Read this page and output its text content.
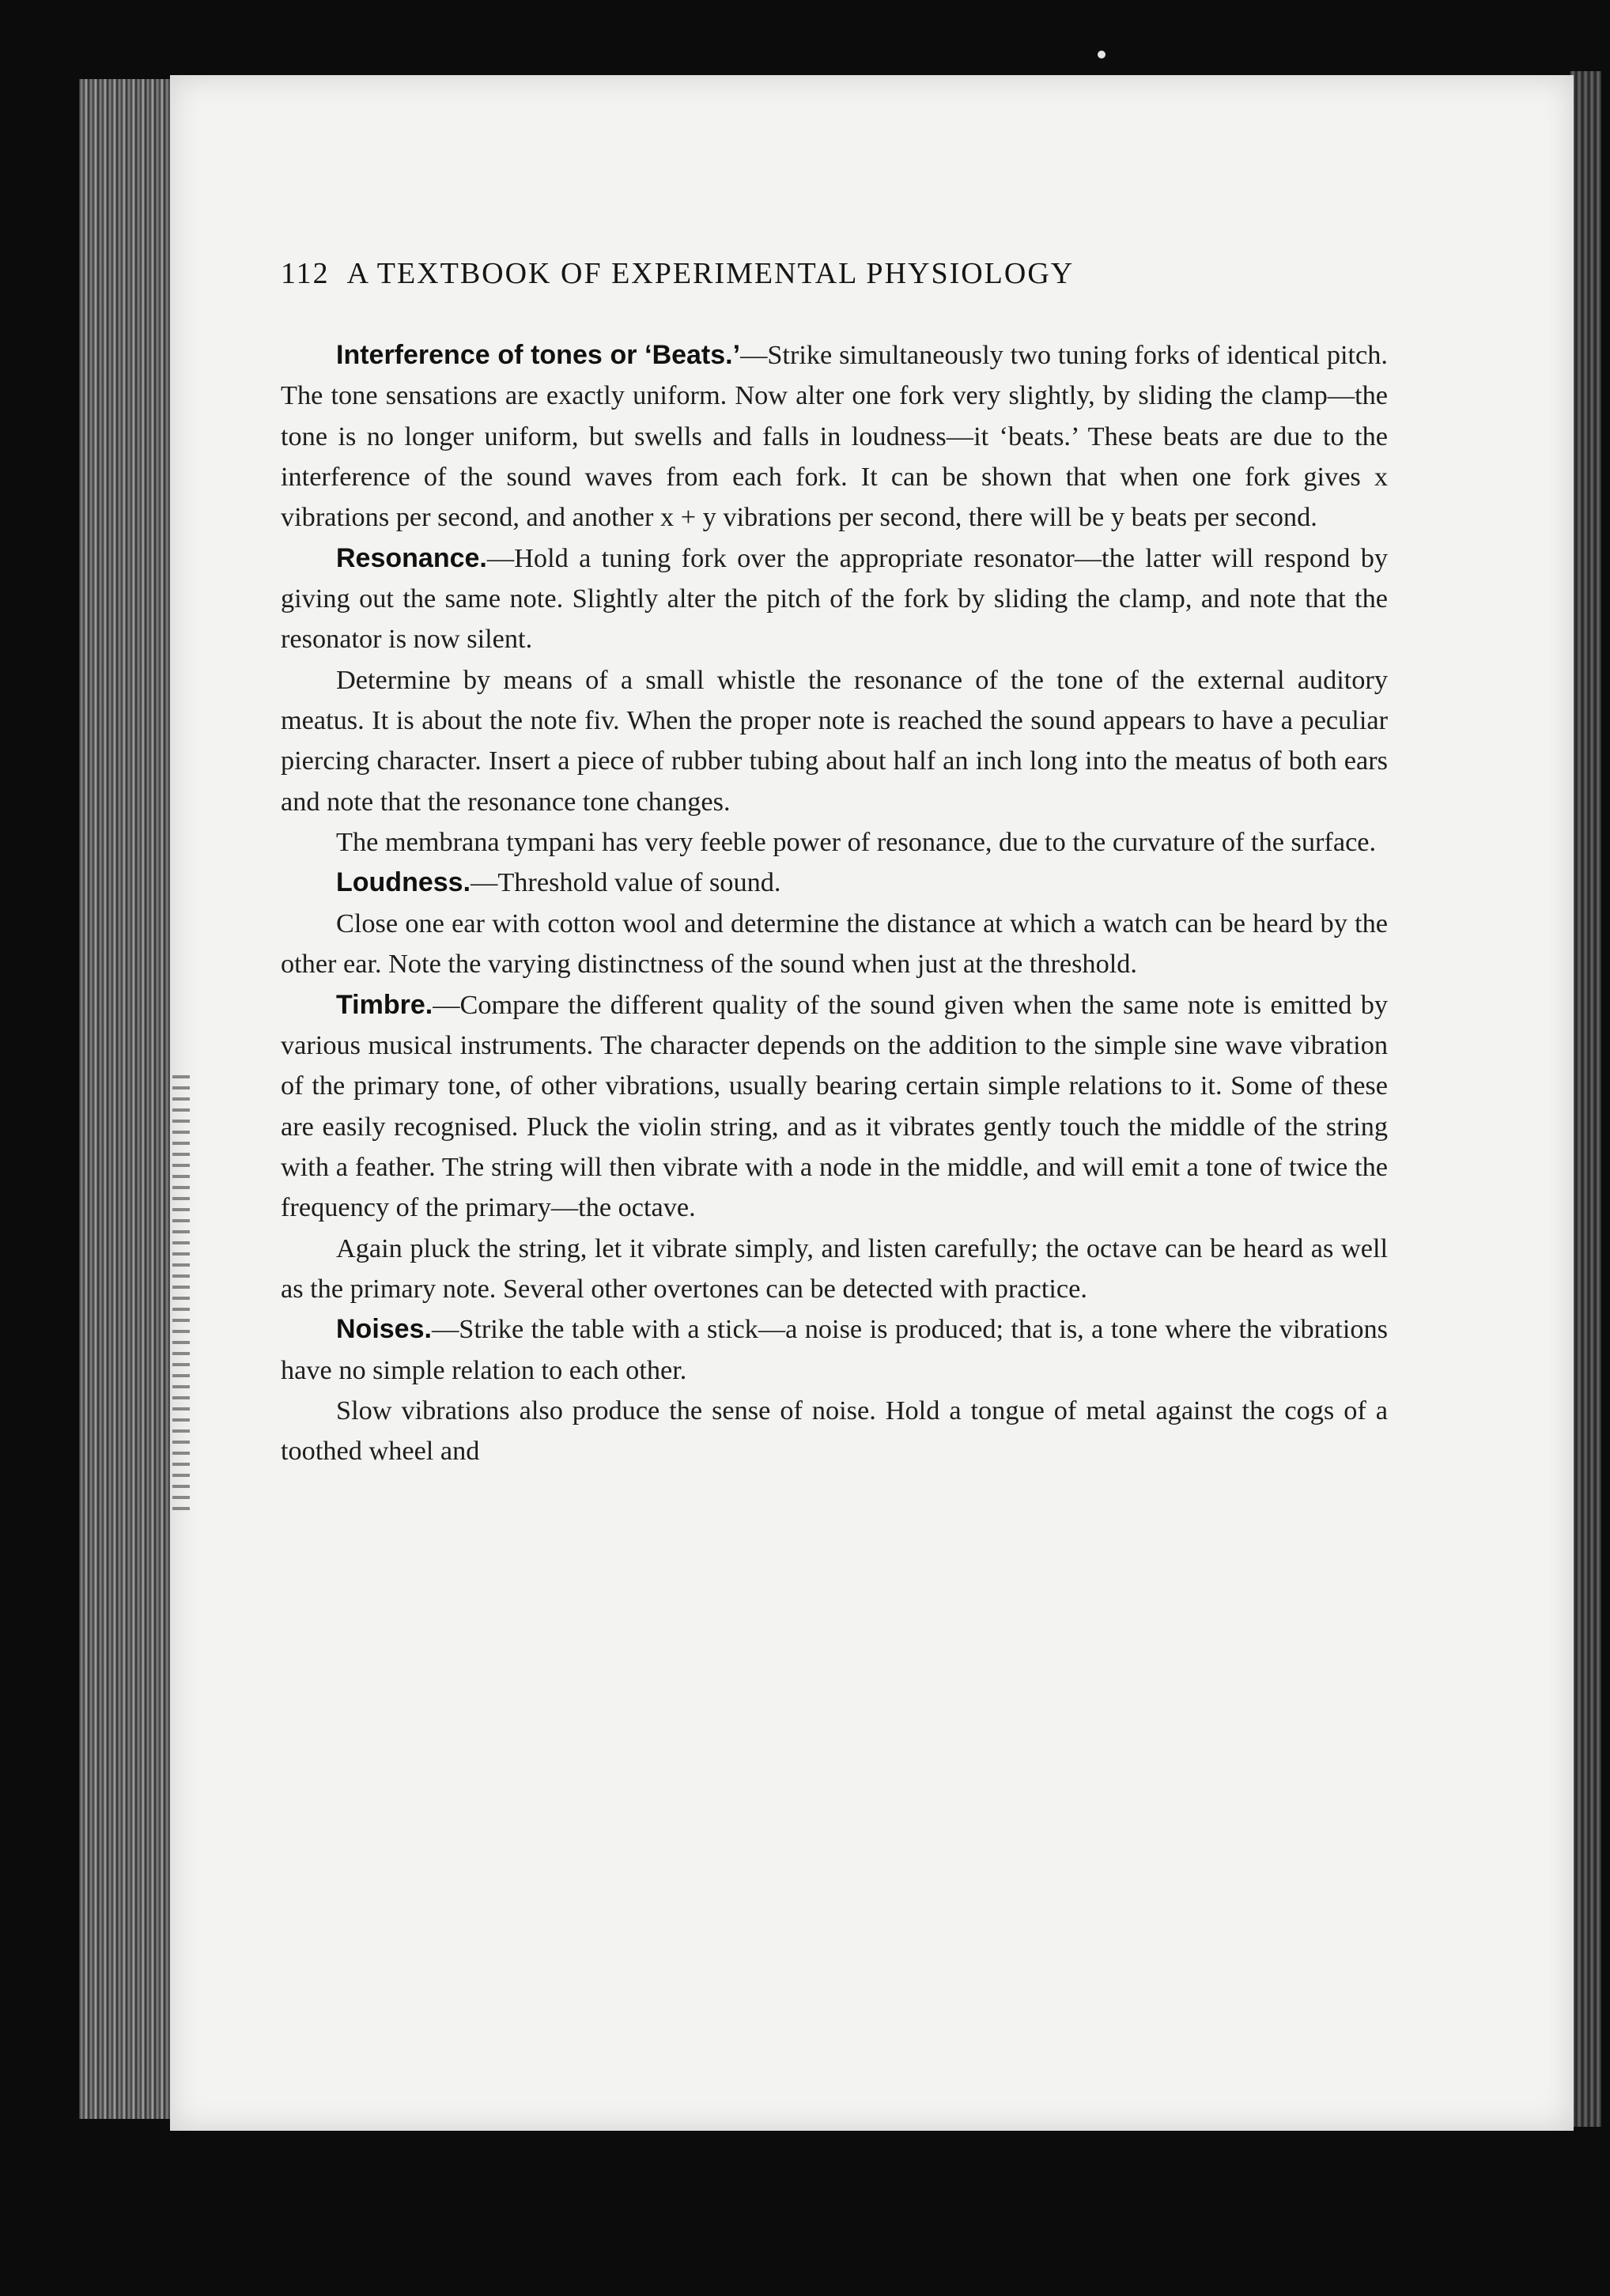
112 A TEXTBOOK OF EXPERIMENTAL PHYSIOLOGY

Interference of tones or ‘Beats.’—Strike simultaneously two tuning forks of identical pitch. The tone sensations are exactly uniform. Now alter one fork very slightly, by sliding the clamp—the tone is no longer uniform, but swells and falls in loudness—it ‘beats.’ These beats are due to the interference of the sound waves from each fork. It can be shown that when one fork gives x vibrations per second, and another x + y vibrations per second, there will be y beats per second.

Resonance.—Hold a tuning fork over the appropriate resonator—the latter will respond by giving out the same note. Slightly alter the pitch of the fork by sliding the clamp, and note that the resonator is now silent.

Determine by means of a small whistle the resonance of the tone of the external auditory meatus. It is about the note fiv. When the proper note is reached the sound appears to have a peculiar piercing character. Insert a piece of rubber tubing about half an inch long into the meatus of both ears and note that the resonance tone changes.

The membrana tympani has very feeble power of resonance, due to the curvature of the surface.

Loudness.—Threshold value of sound.

Close one ear with cotton wool and determine the distance at which a watch can be heard by the other ear. Note the varying distinctness of the sound when just at the threshold.

Timbre.—Compare the different quality of the sound given when the same note is emitted by various musical instruments. The character depends on the addition to the simple sine wave vibration of the primary tone, of other vibrations, usually bearing certain simple relations to it. Some of these are easily recognised. Pluck the violin string, and as it vibrates gently touch the middle of the string with a feather. The string will then vibrate with a node in the middle, and will emit a tone of twice the frequency of the primary—the octave.

Again pluck the string, let it vibrate simply, and listen carefully; the octave can be heard as well as the primary note. Several other overtones can be detected with practice.

Noises.—Strike the table with a stick—a noise is produced; that is, a tone where the vibrations have no simple relation to each other.

Slow vibrations also produce the sense of noise. Hold a tongue of metal against the cogs of a toothed wheel and
